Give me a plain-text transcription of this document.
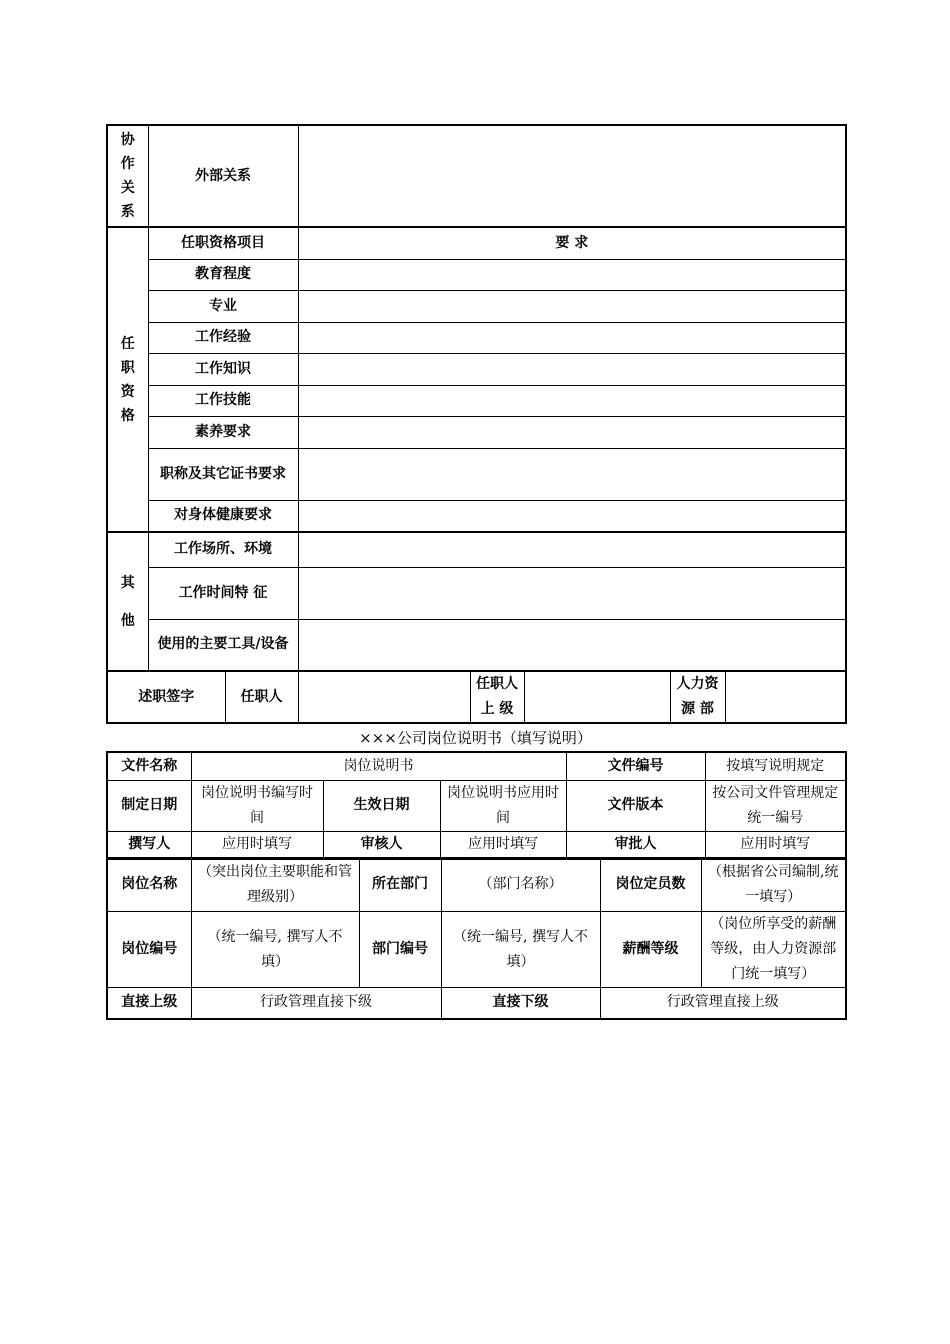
协
作
关
系	外部关系						

任
职
资
格	任职资格项目		要 求				
	教育程度						
	专业						
	工作经验						
	工作知识						
	工作技能						
	素养要求						
	职称及其它证书要求						
	对身体健康要求						

其
他	工作场所、环境						
	工作时间特 征						
	使用的主要工具/设备						
述职签字		任职人		任职人上 级		人力资源 部	
×××公司岗位说明书（填写说明）
文件名称	岗位说明书			文件编号	按填写说明规定
制定日期	岗位说明书编写时间	生效日期	岗位说明书应用时间	文件版本	按公司文件管理规定统一编号
撰写人	应用时填写	审核人	应用时填写	审批人	应用时填写
岗位名称	（突出岗位主要职能和管理级别）	所在部门	（部门名称）	岗位定员数	（根据省公司编制,统一填写）
岗位编号	（统一编号, 撰写人不填）	部门编号	（统一编号, 撰写人不填）	薪酬等级	（岗位所享受的薪酬等级，由人力资源部门统一填写）
直接上级	行政管理直接下级		直接下级	行政管理直接上级	
